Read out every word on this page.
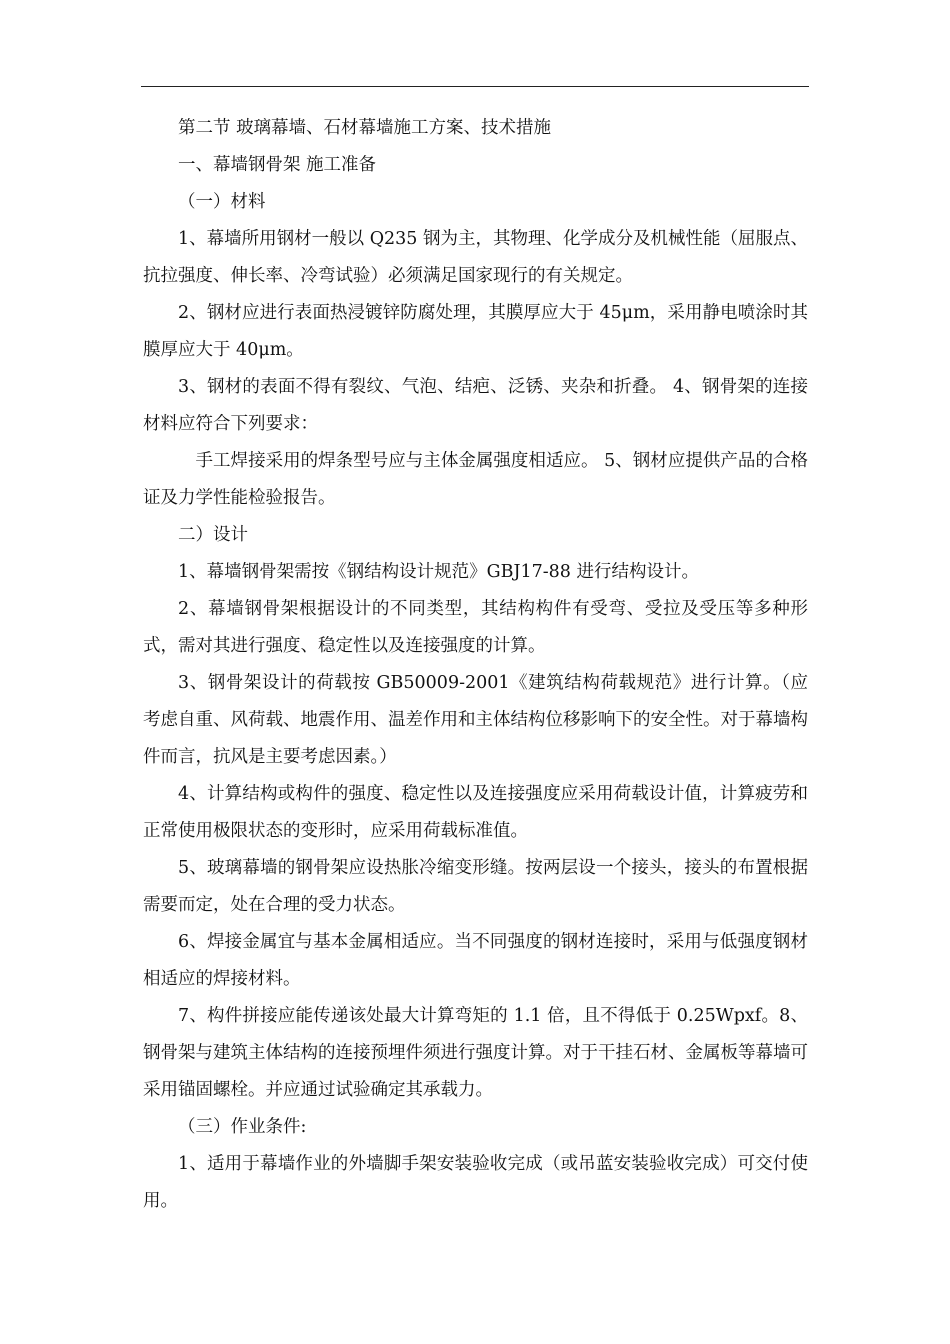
第二节 玻璃幕墙、石材幕墙施工方案、技术措施

一、幕墙钢骨架 施工准备

（一）材料

1、幕墙所用钢材一般以 Q235 钢为主，其物理、化学成分及机械性能（屈服点、抗拉强度、伸长率、冷弯试验）必须满足国家现行的有关规定。

2、钢材应进行表面热浸镀锌防腐处理，其膜厚应大于 45μm，采用静电喷涂时其膜厚应大于 40μm。

3、钢材的表面不得有裂纹、气泡、结疤、泛锈、夹杂和折叠。 4、钢骨架的连接材料应符合下列要求：

手工焊接采用的焊条型号应与主体金属强度相适应。 5、钢材应提供产品的合格证及力学性能检验报告。

二）设计

1、幕墙钢骨架需按《钢结构设计规范》GBJ17-88 进行结构设计。

2、幕墙钢骨架根据设计的不同类型，其结构构件有受弯、受拉及受压等多种形式，需对其进行强度、稳定性以及连接强度的计算。

3、钢骨架设计的荷载按 GB50009-2001《建筑结构荷载规范》进行计算。（应考虑自重、风荷载、地震作用、温差作用和主体结构位移影响下的安全性。对于幕墙构件而言，抗风是主要考虑因素。）

4、计算结构或构件的强度、稳定性以及连接强度应采用荷载设计值，计算疲劳和正常使用极限状态的变形时，应采用荷载标准值。

5、玻璃幕墙的钢骨架应设热胀冷缩变形缝。按两层设一个接头，接头的布置根据需要而定，处在合理的受力状态。

6、焊接金属宜与基本金属相适应。当不同强度的钢材连接时，采用与低强度钢材相适应的焊接材料。

7、构件拼接应能传递该处最大计算弯矩的 1.1 倍，且不得低于 0.25Wpxf。8、钢骨架与建筑主体结构的连接预埋件须进行强度计算。对于干挂石材、金属板等幕墙可采用锚固螺栓。并应通过试验确定其承载力。

（三）作业条件:

1、适用于幕墙作业的外墙脚手架安装验收完成（或吊蓝安装验收完成）可交付使用。
